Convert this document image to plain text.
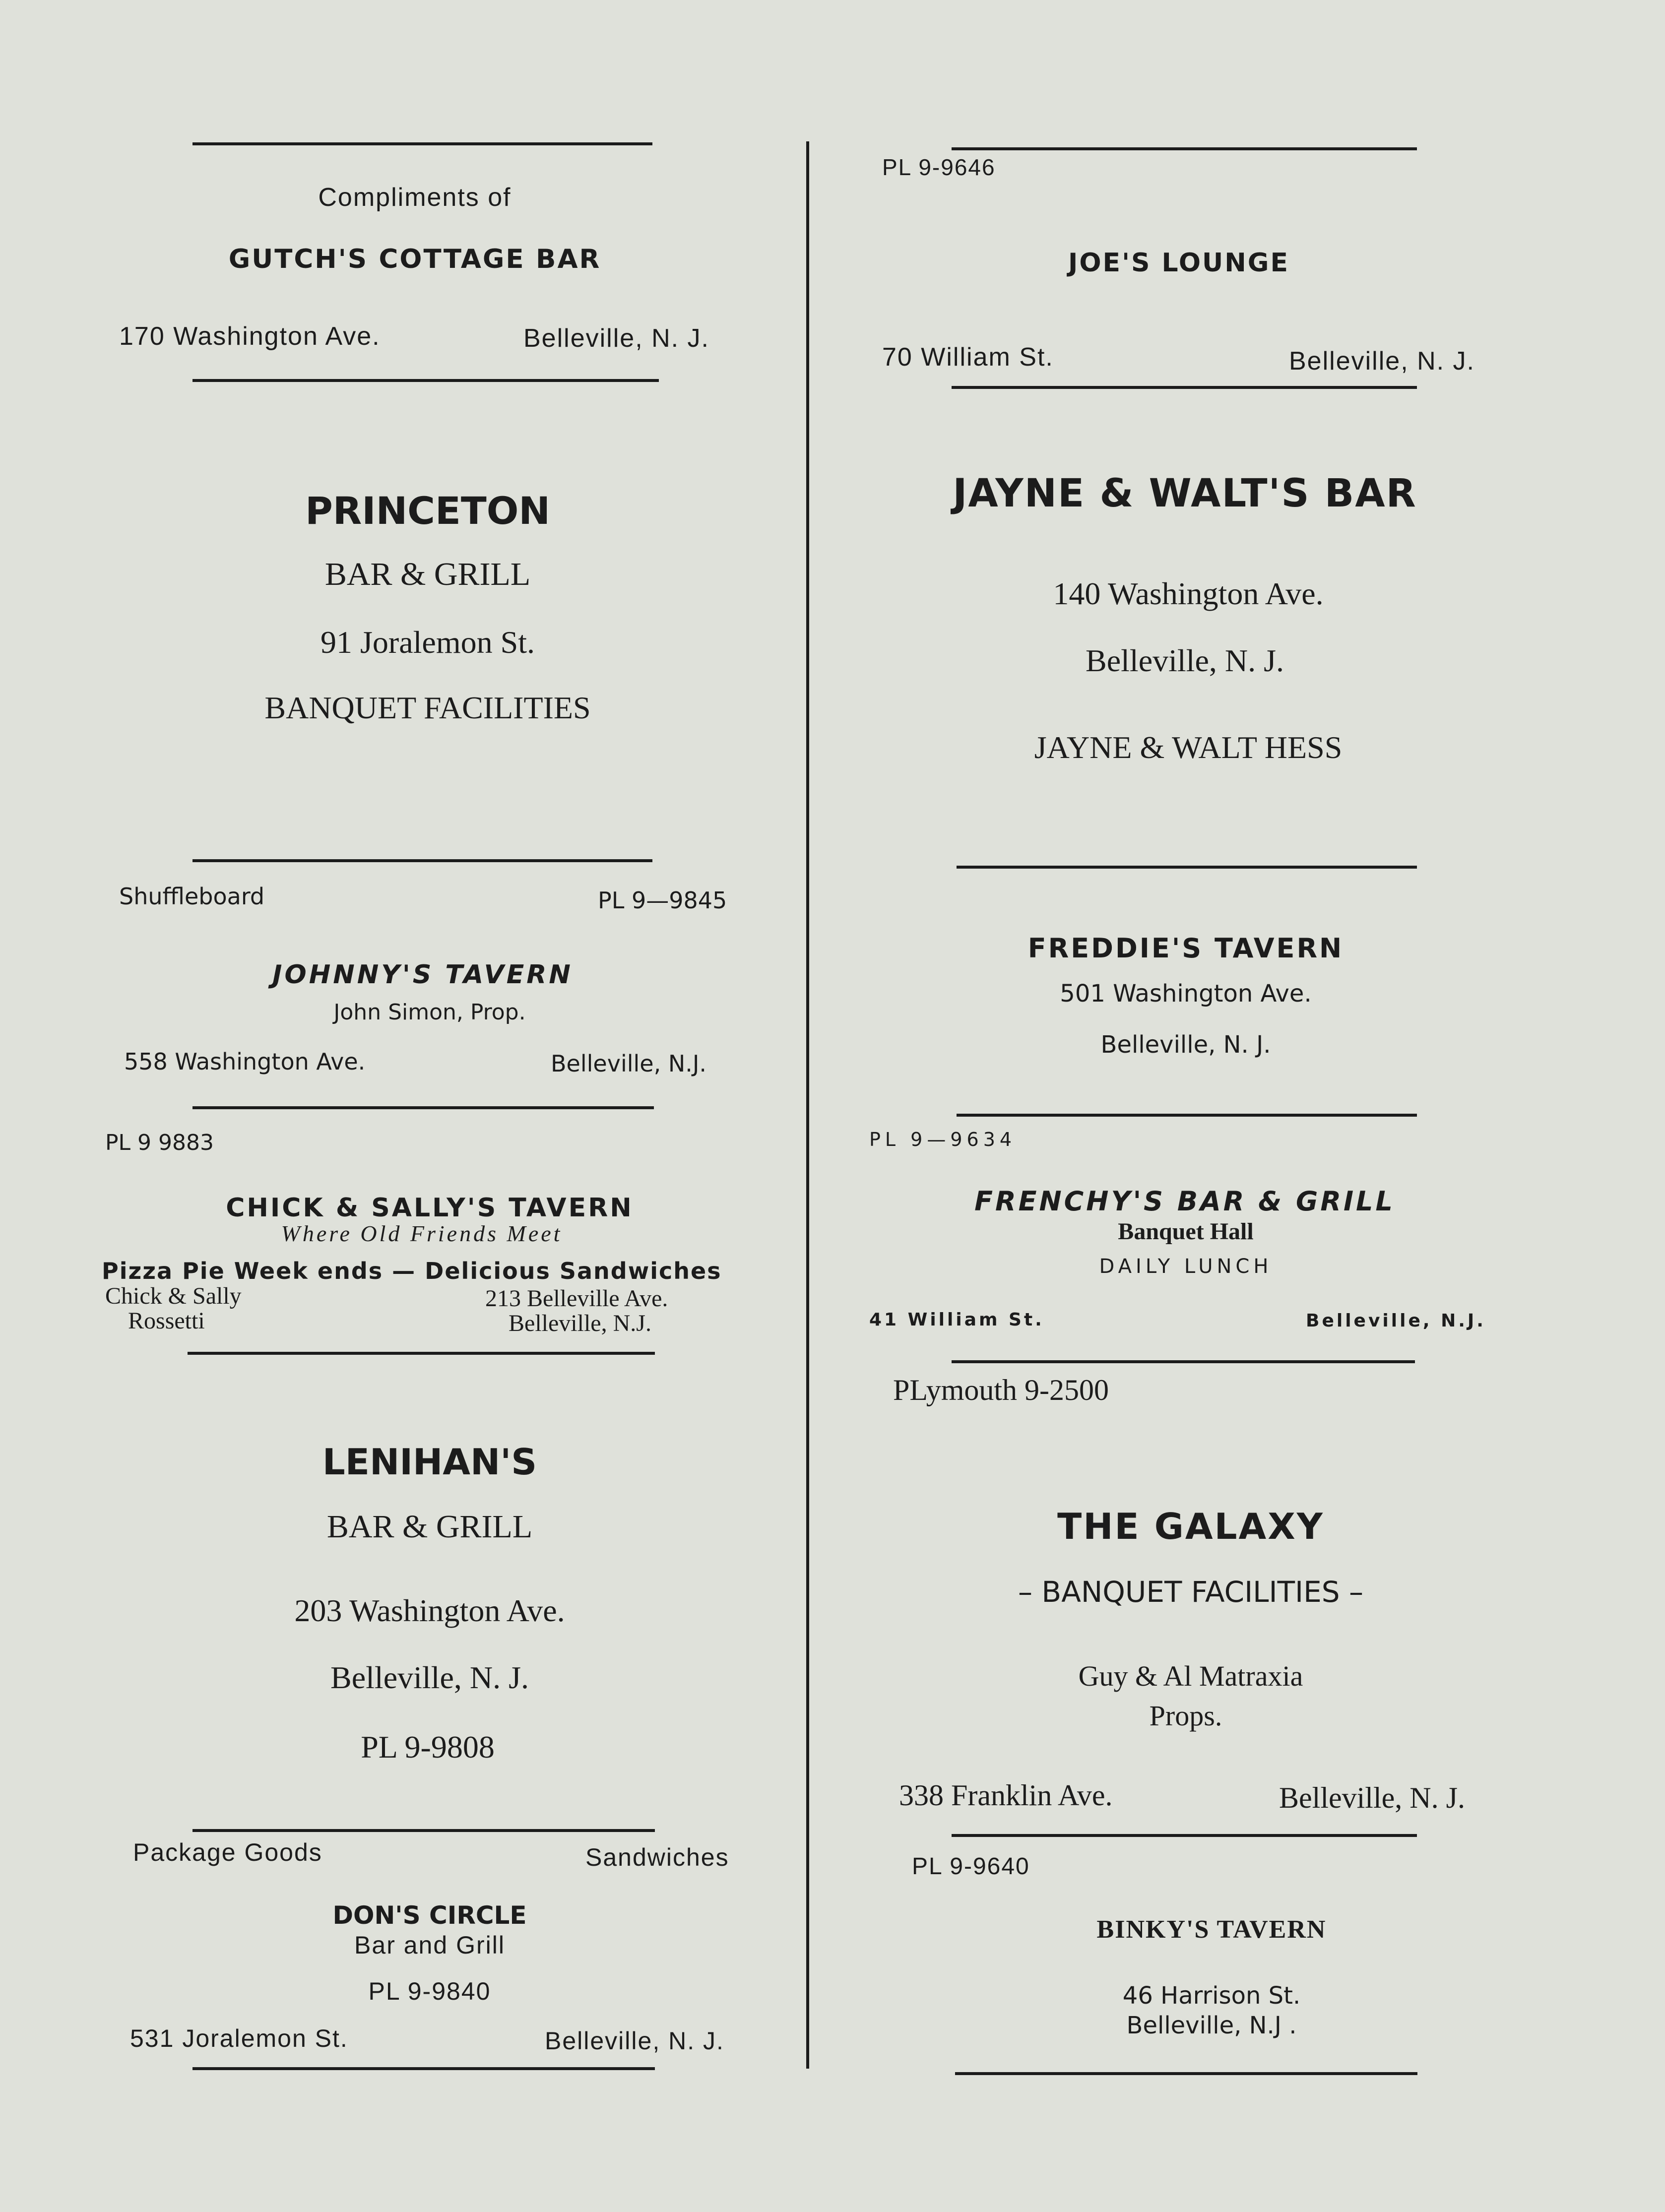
Compliments of
GUTCH'S COTTAGE BAR
170 Washington Ave.	Belleville, N. J.
PRINCETON
BAR & GRILL
91 Joralemon St.
BANQUET FACILITIES
Shuffleboard	PL 9—9845
JOHNNY'S TAVERN
John Simon, Prop.
558 Washington Ave.	Belleville, N.J.
PL 9 9883
CHICK & SALLY'S TAVERN
Where Old Friends Meet
Pizza Pie Week ends — Delicious Sandwiches
Chick & Sally
Rossetti
213 Belleville Ave.
Belleville, N.J.
LENIHAN'S
BAR & GRILL
203 Washington Ave.
Belleville, N. J.
PL 9-9808
Package Goods	Sandwiches
DON'S CIRCLE
Bar and Grill
PL 9-9840
531 Joralemon St.	Belleville, N. J.
PL 9-9646
JOE'S LOUNGE
70 William St.	Belleville, N. J.
JAYNE & WALT'S BAR
140 Washington Ave.
Belleville, N. J.
JAYNE & WALT HESS
FREDDIE'S TAVERN
501 Washington Ave.
Belleville, N. J.
PL 9—9634
FRENCHY'S BAR & GRILL
Banquet Hall
DAILY LUNCH
41 William St.	Belleville, N.J.
PLymouth 9-2500
THE GALAXY
– BANQUET FACILITIES –
Guy & Al Matraxia
Props.
338 Franklin Ave.	Belleville, N. J.
PL 9-9640
BINKY'S TAVERN
46 Harrison St.
Belleville, N.J .
